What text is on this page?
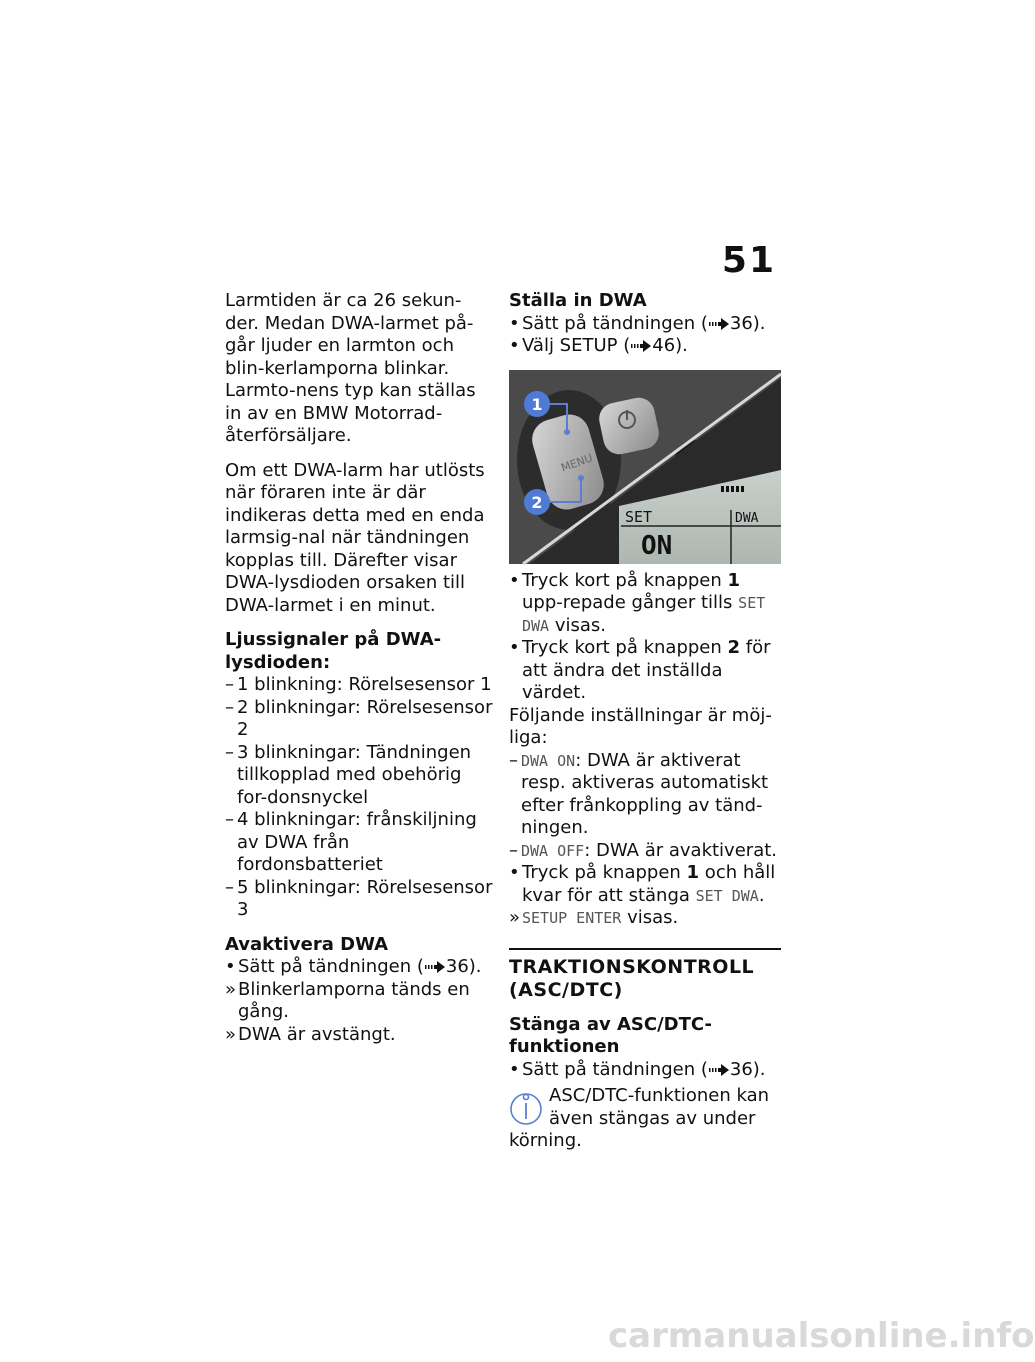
51

Larmtiden är ca 26 sekun-der. Medan DWA-larmet på-går ljuder en larmton och blin-kerlamporna blinkar. Larmto-nens typ kan ställas in av en BMW Motorrad-återförsäljare.

Om ett DWA-larm har utlösts när föraren inte är där indikeras detta med en enda larmsig-nal när tändningen kopplas till. Därefter visar DWA-lysdioden orsaken till DWA-larmet i en minut.

Ljussignaler på DWA-lysdioden:
– 1 blinkning: Rörelsesensor 1
– 2 blinkningar: Rörelsesensor 2
– 3 blinkningar: Tändningen tillkopplad med obehörig for-donsnyckel
– 4 blinkningar: frånskiljning av DWA från fordonsbatteriet
– 5 blinkningar: Rörelsesensor 3
Avaktivera DWA
• Sätt på tändningen ( 36).
» Blinkerlamporna tänds en gång.
» DWA är avstängt.
Ställa in DWA
• Sätt på tändningen ( 36).
• Välj SETUP ( 46).
MENU
1
2
SET	DWA
ON
• Tryck kort på knappen 1 upp-repade gånger tills SET DWA visas.
• Tryck kort på knappen 2 för att ändra det inställda värdet.
Följande inställningar är möj-liga:
– DWA ON: DWA är aktiverat resp. aktiveras automatiskt efter frånkoppling av tänd-ningen.
– DWA OFF: DWA är avaktiverat.
• Tryck på knappen 1 och håll kvar för att stänga SET DWA.
» SETUP ENTER visas.
TRAKTIONSKONTROLL (ASC/DTC)
Stänga av ASC/DTC-funktionen
• Sätt på tändningen ( 36).
ASC/DTC-funktionen kan även stängas av under
körning.
carmanualsonline.info
